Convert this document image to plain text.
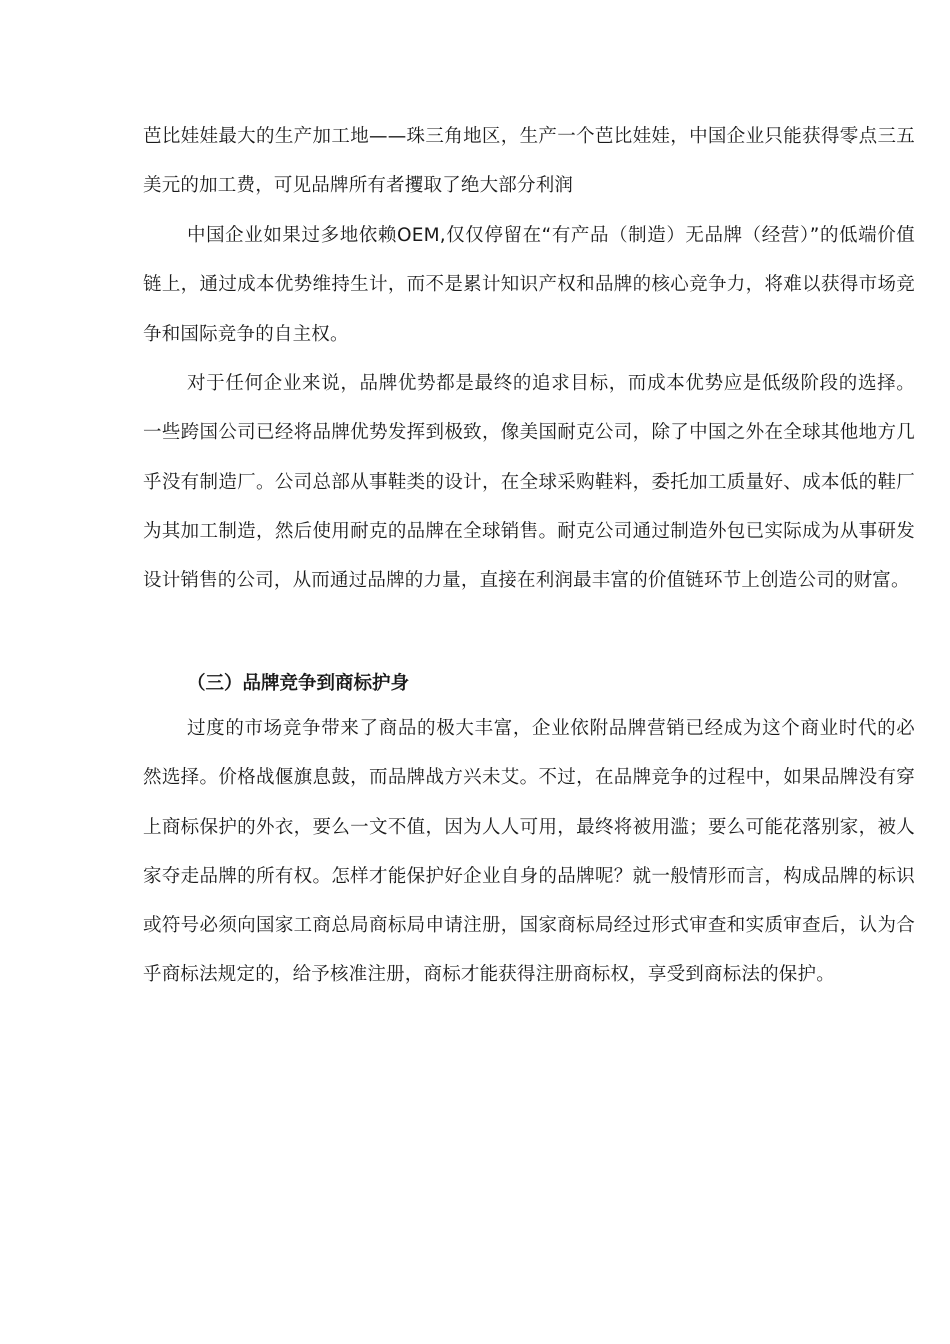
芭比娃娃最大的生产加工地——珠三角地区，生产一个芭比娃娃，中国企业只能获得零点三五美元的加工费，可见品牌所有者攫取了绝大部分利润

中国企业如果过多地依赖OEM,仅仅停留在“有产品（制造）无品牌（经营）”的低端价值链上，通过成本优势维持生计，而不是累计知识产权和品牌的核心竞争力，将难以获得市场竞争和国际竞争的自主权。

对于任何企业来说，品牌优势都是最终的追求目标，而成本优势应是低级阶段的选择。一些跨国公司已经将品牌优势发挥到极致，像美国耐克公司，除了中国之外在全球其他地方几乎没有制造厂。公司总部从事鞋类的设计，在全球采购鞋料，委托加工质量好、成本低的鞋厂为其加工制造，然后使用耐克的品牌在全球销售。耐克公司通过制造外包已实际成为从事研发设计销售的公司，从而通过品牌的力量，直接在利润最丰富的价值链环节上创造公司的财富。

（三）品牌竞争到商标护身

过度的市场竞争带来了商品的极大丰富，企业依附品牌营销已经成为这个商业时代的必然选择。价格战偃旗息鼓，而品牌战方兴未艾。不过，在品牌竞争的过程中，如果品牌没有穿上商标保护的外衣，要么一文不值，因为人人可用，最终将被用滥；要么可能花落别家，被人家夺走品牌的所有权。怎样才能保护好企业自身的品牌呢？就一般情形而言，构成品牌的标识或符号必须向国家工商总局商标局申请注册，国家商标局经过形式审查和实质审查后，认为合乎商标法规定的，给予核准注册，商标才能获得注册商标权，享受到商标法的保护。
